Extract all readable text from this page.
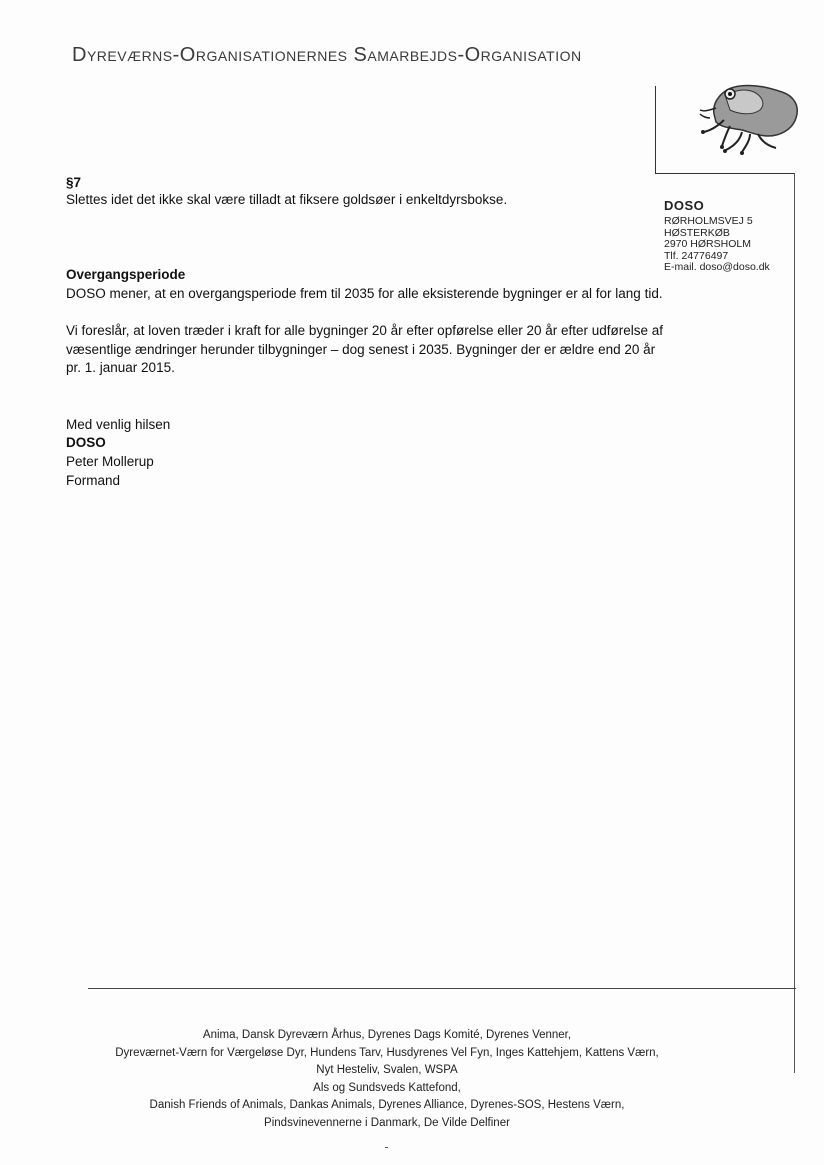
Dyreværns-Organisationernes Samarbejds-Organisation
DOSO
RØRHOLMSVEJ 5
HØSTERKØB
2970 HØRSHOLM
Tlf. 24776497
E-mail. doso@doso.dk
§7
Slettes idet det ikke skal være tilladt at fiksere goldsøer i enkeltdyrsbokse.
Overgangsperiode
DOSO mener, at en overgangsperiode frem til 2035 for alle eksisterende bygninger er al for lang tid.
Vi foreslår, at loven træder i kraft for alle bygninger 20 år efter opførelse eller 20 år efter udførelse af
væsentlige ændringer herunder tilbygninger – dog senest i 2035. Bygninger der er ældre end 20 år
pr. 1. januar 2015.
Med venlig hilsen
DOSO
Peter Mollerup
Formand
Anima, Dansk Dyreværn Århus, Dyrenes Dags Komité, Dyrenes Venner,
Dyreværnet-Værn for Værgeløse Dyr, Hundens Tarv, Husdyrenes Vel Fyn, Inges Kattehjem, Kattens Værn,
Nyt Hesteliv, Svalen, WSPA
Als og Sundsveds Kattefond,
Danish Friends of Animals, Dankas Animals, Dyrenes Alliance, Dyrenes-SOS, Hestens Værn,
Pindsvinevennerne i Danmark, De Vilde Delfiner
